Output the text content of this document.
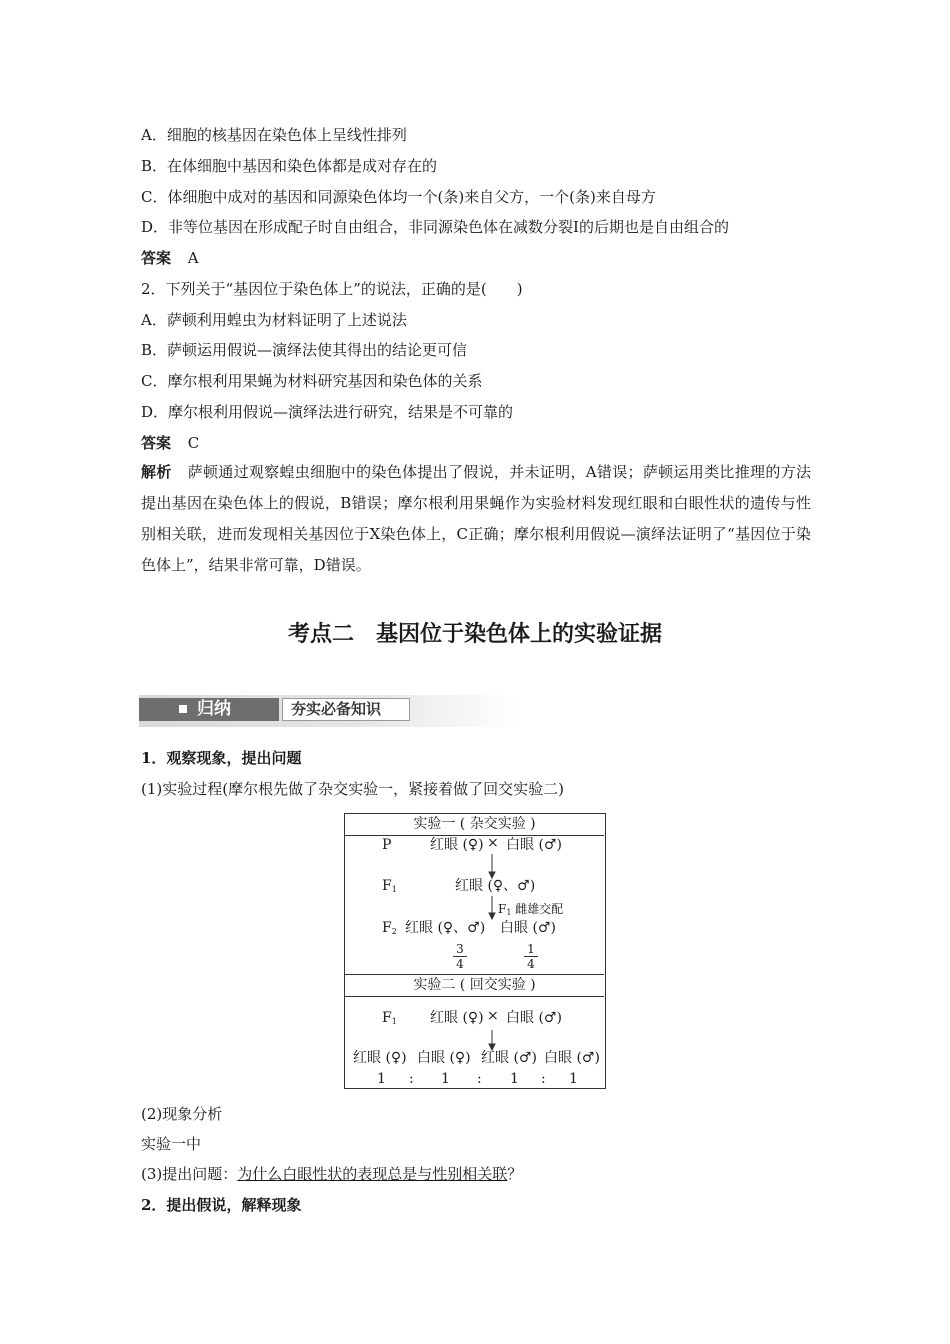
A．细胞的核基因在染色体上呈线性排列
B．在体细胞中基因和染色体都是成对存在的
C．体细胞中成对的基因和同源染色体均一个(条)来自父方，一个(条)来自母方
D．非等位基因在形成配子时自由组合，非同源染色体在减数分裂Ⅰ的后期也是自由组合的
答案 A
2．下列关于“基因位于染色体上”的说法，正确的是(　　)
A．萨顿利用蝗虫为材料证明了上述说法
B．萨顿运用假说—演绎法使其得出的结论更可信
C．摩尔根利用果蝇为材料研究基因和染色体的关系
D．摩尔根利用假说—演绎法进行研究，结果是不可靠的
答案 C
解析 萨顿通过观察蝗虫细胞中的染色体提出了假说，并未证明，A错误；萨顿运用类比推理的方法提出基因在染色体上的假说，B错误；摩尔根利用果蝇作为实验材料发现红眼和白眼性状的遗传与性别相关联，进而发现相关基因位于X染色体上，C正确；摩尔根利用假说—演绎法证明了“基因位于染色体上”，结果非常可靠，D错误。
考点二　基因位于染色体上的实验证据
归纳	夯实必备知识
1．观察现象，提出问题
(1)实验过程(摩尔根先做了杂交实验一，紧接着做了回交实验二)
实验一 ( 杂交实验 )
P	红眼 (♀) × 白眼 (♂)
$F_1$	红眼 (♀、♂)
$F_1$ 雌雄交配
$F_2$ 红眼 (♀、♂) 白眼 (♂)
$\frac{3}{4}$	$\frac{1}{4}$
实验二 ( 回交实验 )
$F_1$ 红眼 (♀) × 白眼 (♂)
红眼 (♀) 白眼 (♀) 红眼 (♂) 白眼 (♂)
1 : 1 : 1 : 1
(2)现象分析
实验一中
(3)提出问题：为什么白眼性状的表现总是与性别相关联？
2．提出假说，解释现象
